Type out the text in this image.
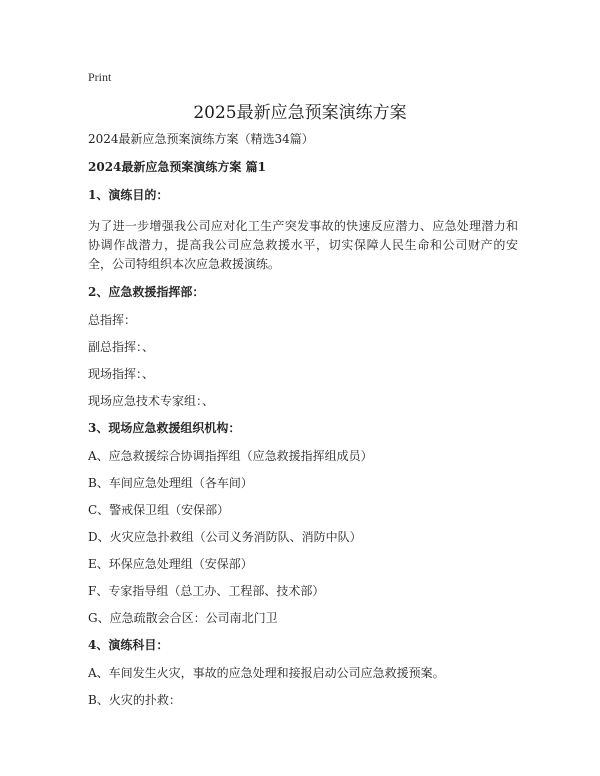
Print
2025最新应急预案演练方案

2024最新应急预案演练方案（精选34篇）

2024最新应急预案演练方案 篇1

1、演练目的：

为了进一步增强我公司应对化工生产突发事故的快速反应潜力、应急处理潜力和协调作战潜力，提高我公司应急救援水平，切实保障人民生命和公司财产的安全，公司特组织本次应急救援演练。

2、应急救援指挥部：

总指挥：

副总指挥：、

现场指挥：、

现场应急技术专家组：、

3、现场应急救援组织机构：

A、应急救援综合协调指挥组（应急救援指挥组成员）

B、车间应急处理组（各车间）

C、警戒保卫组（安保部）

D、火灾应急扑救组（公司义务消防队、消防中队）

E、环保应急处理组（安保部）

F、专家指导组（总工办、工程部、技术部）

G、应急疏散会合区：公司南北门卫

4、演练科目：

A、车间发生火灾，事故的应急处理和接报启动公司应急救援预案。

B、火灾的扑救：
